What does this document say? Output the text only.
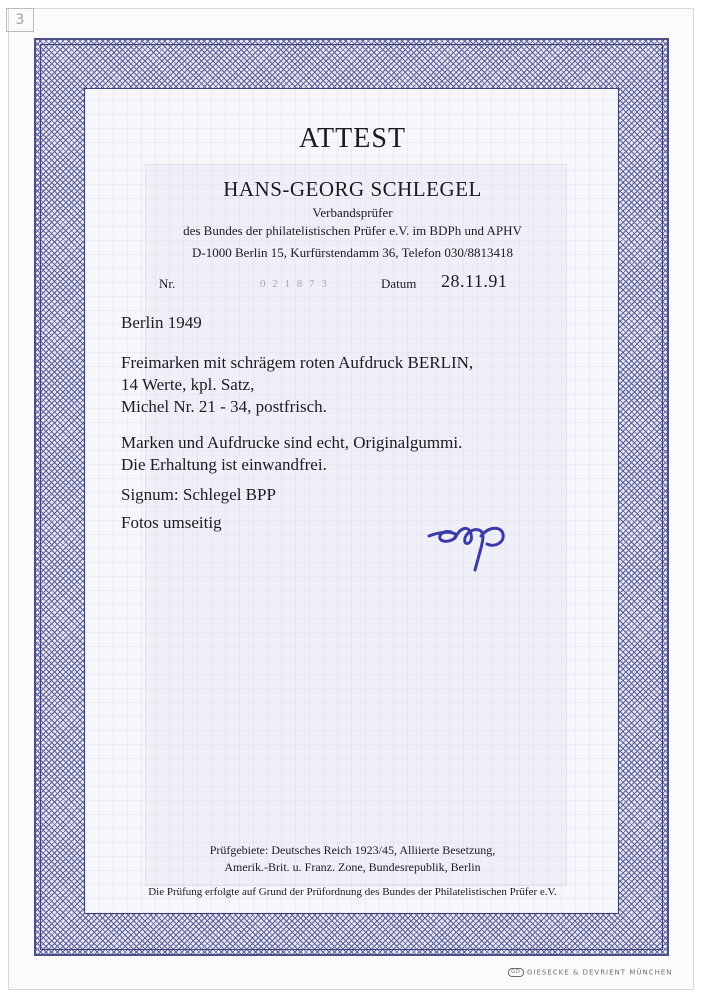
3
ATTEST
HANS-GEORG SCHLEGEL
Verbandsprüfer
des Bundes der philatelistischen Prüfer e.V. im BDPh und APHV
D-1000 Berlin 15, Kurfürstendamm 36, Telefon 030/8813418
Nr.	0 2 1 8 7 3	Datum 28.11.91
Berlin 1949
Freimarken mit schrägem roten Aufdruck BERLIN,
14 Werte, kpl. Satz,
Michel Nr. 21 - 34, postfrisch.
Marken und Aufdrucke sind echt, Originalgummi.
Die Erhaltung ist einwandfrei.
Signum: Schlegel BPP
Fotos umseitig
Prüfgebiete: Deutsches Reich 1923/45, Alliierte Besetzung,
Amerik.-Brit. u. Franz. Zone, Bundesrepublik, Berlin
Die Prüfung erfolgte auf Grund der Prüfordnung des Bundes der Philatelistischen Prüfer e.V.
GD GIESECKE & DEVRIENT MÜNCHEN
